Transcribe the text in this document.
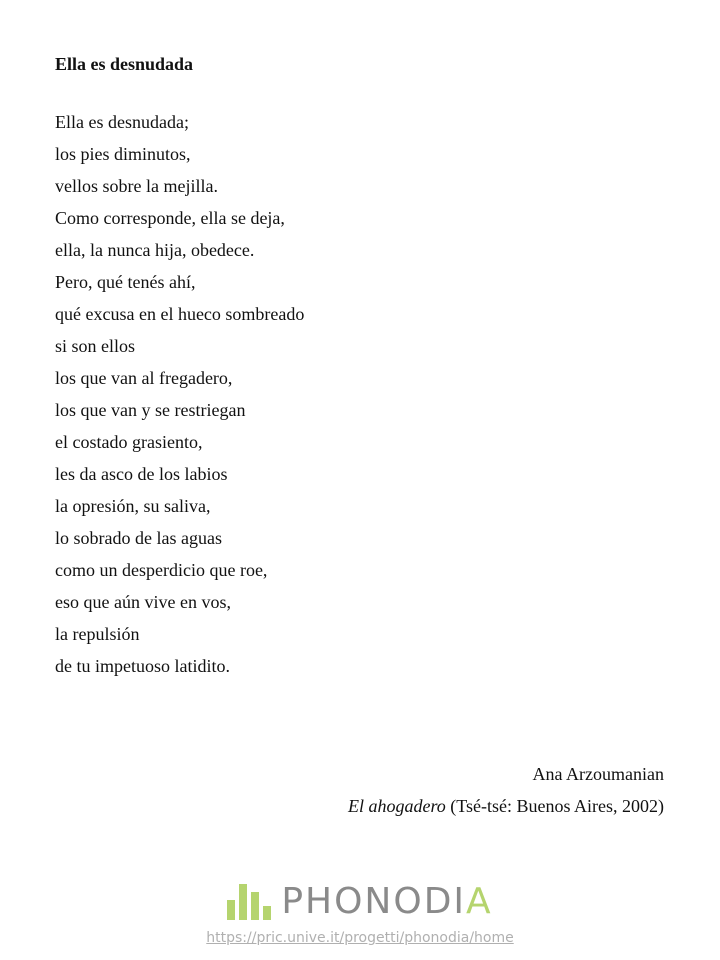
Ella es desnudada
Ella es desnudada;
los pies diminutos,
vellos sobre la mejilla.
Como corresponde, ella se deja,
ella, la nunca hija, obedece.
Pero, qué tenés ahí,
qué excusa en el hueco sombreado
si son ellos
los que van al fregadero,
los que van y se restriegan
el costado grasiento,
les da asco de los labios
la opresión, su saliva,
lo sobrado de las aguas
como un desperdicio que roe,
eso que aún vive en vos,
la repulsión
de tu impetuoso latidito.
Ana Arzoumanian
El ahogadero (Tsé-tsé: Buenos Aires, 2002)
PHONODIA
https://pric.unive.it/progetti/phonodia/home
